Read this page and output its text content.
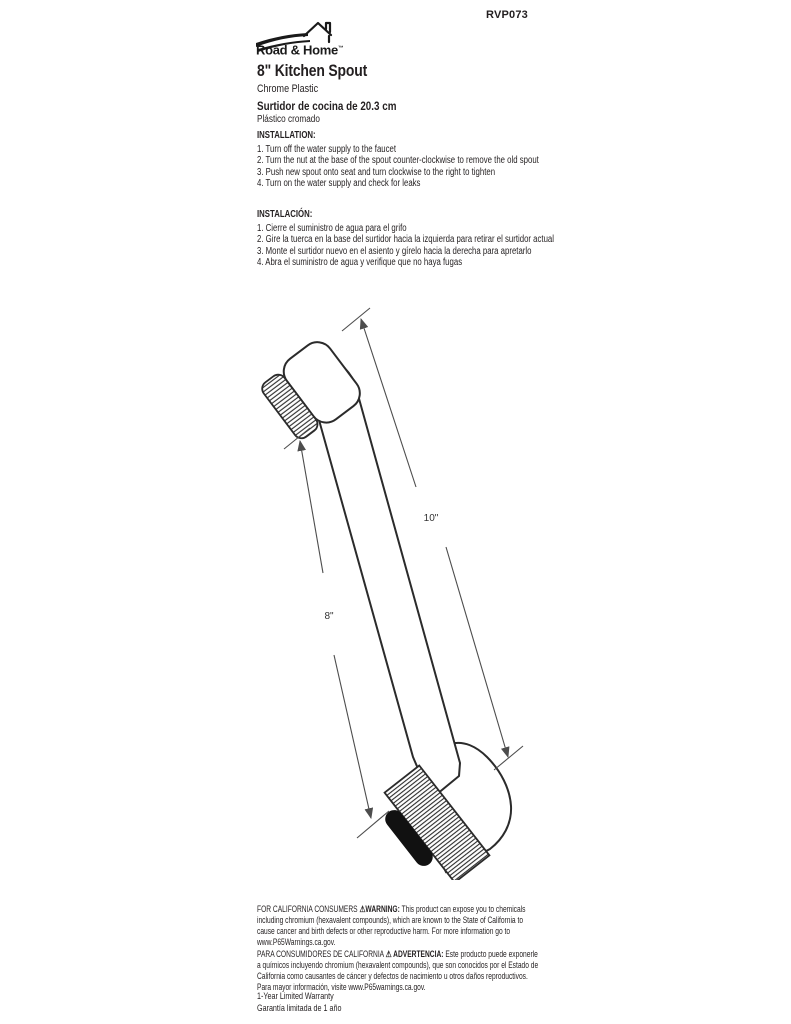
RVP073
Road & Home™
8" Kitchen Spout
Chrome Plastic
Surtidor de cocina de 20.3 cm
Plástico cromado
INSTALLATION:
1. Turn off the water supply to the faucet
2. Turn the nut at the base of the spout counter-clockwise to remove the old spout
3. Push new spout onto seat and turn clockwise to the right to tighten
4. Turn on the water supply and check for leaks
INSTALACIÓN:
1. Cierre el suministro de agua para el grifo
2. Gire la tuerca en la base del surtidor hacia la izquierda para retirar el surtidor actual
3. Monte el surtidor nuevo en el asiento y gírelo hacia la derecha para apretarlo
4. Abra el suministro de agua y verifique que no haya fugas
10"
8"

FOR CALIFORNIA CONSUMERS ⚠WARNING: This product can expose you to chemicals including chromium (hexavalent compounds), which are known to the State of California to cause cancer and birth defects or other reproductive harm. For more information go to www.P65Warnings.ca.gov.

PARA CONSUMIDORES DE CALIFORNIA ⚠ ADVERTENCIA: Este producto puede exponerle a químicos incluyendo chromium (hexavalent compounds), que son conocidos por el Estado de California como causantes de cáncer y defectos de nacimiento u otros daños reproductivos. Para mayor información, visite www.P65warnings.ca.gov.

1-Year Limited Warranty
Garantía limitada de 1 año
